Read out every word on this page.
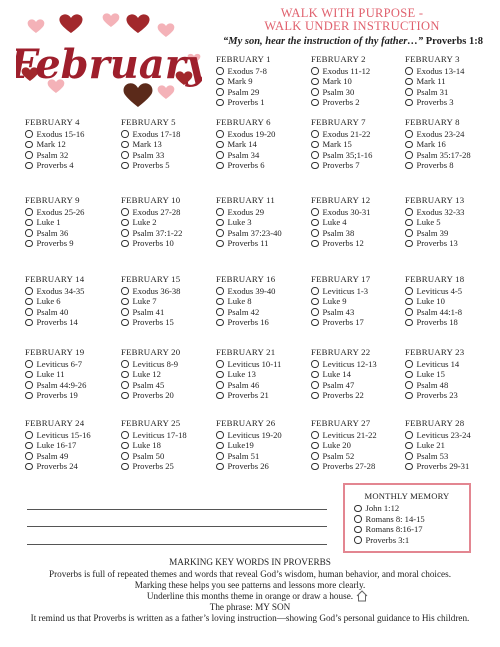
February
WALK WITH PURPOSE -
WALK UNDER INSTRUCTION
“My son, hear the instruction of thy father…” Proverbs 1:8
FEBRUARY 1
Exodus 7-8
Mark 9
Psalm 29
Proverbs 1
FEBRUARY 2
Exodus 11-12
Mark 10
Psalm 30
Proverbs 2
FEBRUARY 3
Exodus 13-14
Mark 11
Psalm 31
Proverbs 3
FEBRUARY 4
Exodus 15-16
Mark 12
Psalm 32
Proverbs 4
FEBRUARY 5
Exodus 17-18
Mark 13
Psalm 33
Proverbs 5
FEBRUARY 6
Exodus 19-20
Mark 14
Psalm 34
Proverbs 6
FEBRUARY 7
Exodus 21-22
Mark 15
Psalm 35;1-16
Proverbs 7
FEBRUARY 8
Exodus 23-24
Mark 16
Psalm 35:17-28
Proverbs 8
FEBRUARY 9
Exodus 25-26
Luke 1
Psalm 36
Proverbs 9
FEBRUARY 10
Exodus 27-28
Luke 2
Psalm 37:1-22
Proverbs 10
FEBRUARY 11
Exodus 29
Luke 3
Psalm 37:23-40
Proverbs 11
FEBRUARY 12
Exodus 30-31
Luke 4
Psalm 38
Proverbs 12
FEBRUARY 13
Exodus 32-33
Luke 5
Psalm 39
Proverbs 13
FEBRUARY 14
Exodus 34-35
Luke 6
Psalm 40
Proverbs 14
FEBRUARY 15
Exodus 36-38
Luke 7
Psalm 41
Proverbs 15
FEBRUARY 16
Exodus 39-40
Luke 8
Psalm 42
Proverbs 16
FEBRUARY 17
Leviticus 1-3
Luke 9
Psalm 43
Proverbs 17
FEBRUARY 18
Leviticus 4-5
Luke 10
Psalm 44:1-8
Proverbs 18
FEBRUARY 19
Leviticus 6-7
Luke 11
Psalm 44:9-26
Proverbs 19
FEBRUARY 20
Leviticus 8-9
Luke 12
Psalm 45
Proverbs 20
FEBRUARY 21
Leviticus 10-11
Luke 13
Psalm 46
Proverbs 21
FEBRUARY 22
Leviticus 12-13
Luke 14
Psalm 47
Proverbs 22
FEBRUARY 23
Leviticus 14
Luke 15
Psalm 48
Proverbs 23
FEBRUARY 24
Leviticus 15-16
Luke 16-17
Psalm 49
Proverbs 24
FEBRUARY 25
Leviticus 17-18
Luke 18
Psalm 50
Proverbs 25
FEBRUARY 26
Leviticus 19-20
Luke19
Psalm 51
Proverbs 26
FEBRUARY 27
Leviticus 21-22
Luke 20
Psalm 52
Proverbs 27-28
FEBRUARY 28
Leviticus 23-24
Luke 21
Psalm 53
Proverbs 29-31
MONTHLY MEMORY
John 1:12
Romans 8: 14-15
Romans 8:16-17
Proverbs 3:1
MARKING KEY WORDS IN PROVERBS
Proverbs is full of repeated themes and words that reveal God’s wisdom, human behavior, and moral choices.
Marking these helps you see patterns and lessons more clearly.
Underline this months theme in orange or draw a house.
The phrase: MY SON
It remind us that Proverbs is written as a father’s loving instruction—showing God’s personal guidance to His children.
